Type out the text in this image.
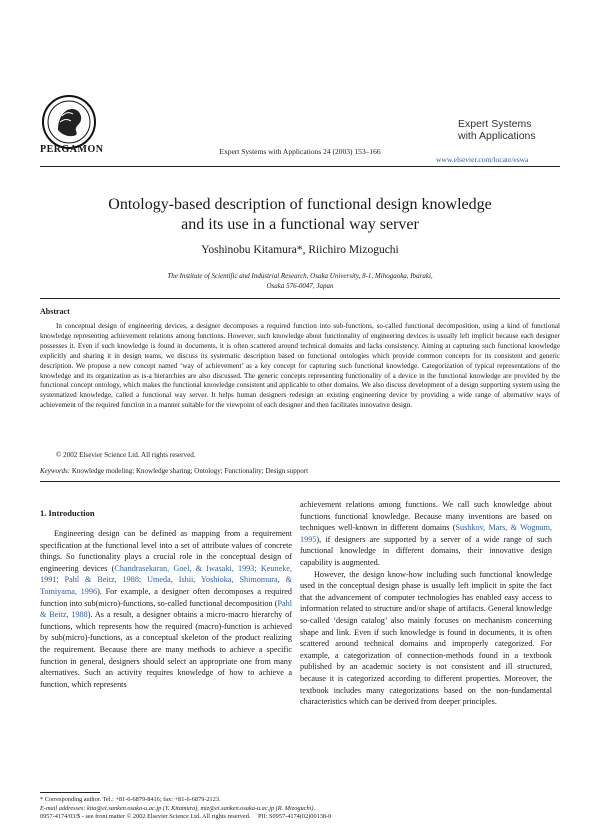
PERGAMON	Expert Systems with Applications 24 (2003) 153–166
Expert Systems
with Applications
www.elsevier.com/locate/eswa
Ontology-based description of functional design knowledge
and its use in a functional way server
Yoshinobu Kitamura*, Riichiro Mizoguchi
The Institute of Scientific and Industrial Research, Osaka University, 8-1, Mihogaoka, Ibaraki,
Osaka 576-0047, Japan
Abstract
In conceptual design of engineering devices, a designer decomposes a required function into sub-functions, so-called functional decomposition, using a kind of functional knowledge representing achievement relations among functions. However, such knowledge about functionality of engineering devices is usually left implicit because each designer possesses it. Even if such knowledge is found in documents, it is often scattered around technical domains and lacks consistency. Aiming at capturing such functional knowledge explicitly and sharing it in design teams, we discuss its systematic description based on functional ontologies which provide common concepts for its consistent and generic description. We propose a new concept named ‘way of achievement’ as a key concept for capturing such functional knowledge. Categorization of typical representations of the knowledge and its organization as is-a hierarchies are also discussed. The generic concepts representing functionality of a device in the functional knowledge are provided by the functional concept ontology, which makes the functional knowledge consistent and applicable to other domains. We also discuss development of a design supporting system using the systematized knowledge, called a functional way server. It helps human designers redesign an existing engineering device by providing a wide range of alternative ways of achievement of the required function in a manner suitable for the viewpoint of each designer and then facilitates innovative design.
© 2002 Elsevier Science Ltd. All rights reserved.
Keywords: Knowledge modeling; Knowledge sharing; Ontology; Functionality; Design support
1. Introduction
Engineering design can be defined as mapping from a requirement specification at the functional level into a set of attribute values of concrete things. So functionality plays a crucial role in the conceptual design of engineering devices (Chandrasekaran, Goel, & Iwasaki, 1993; Keuneke, 1991; Pahl & Beitz, 1988; Umeda, Ishii, Yoshioka, Shimomura, & Tomiyama, 1996). For example, a designer often decomposes a required function into sub(micro)-functions, so-called functional decomposition (Pahl & Beitz, 1988). As a result, a designer obtains a micro-macro hierarchy of functions, which represents how the required (macro)-function is achieved by sub(micro)-functions, as a conceptual skeleton of the product realizing the requirement. Because there are many methods to achieve a specific function in general, designers should select an appropriate one from many alternatives. Such an activity requires knowledge of how to achieve a function, which represents

achievement relations among functions. We call such knowledge about functions functional knowledge. Because many inventions are based on techniques well-known in different domains (Sushkov, Mars, & Wognum, 1995), if designers are supported by a server of a wide range of such functional knowledge in different domains, their innovative design capability is augmented.

However, the design know-how including such functional knowledge used in the conceptual design phase is usually left implicit in spite the fact that the advancement of computer technologies has enabled easy access to information related to structure and/or shape of artifacts. General knowledge so-called ‘design catalog’ also mainly focuses on mechanism concerning shape and link. Even if such knowledge is found in documents, it is often scattered around technical domains and improperly categorized. For example, a categorization of connection-methods found in a textbook published by an academic society is not consistent and ill structured, because it is categorized according to different properties. Moreover, the textbook includes many categorizations based on the non-fundamental characteristics which can be derived from deeper principles.

* Corresponding author. Tel.: +81-6-6879-8416; fax: +81-6-6879-2123.
E-mail addresses: kita@ei.sanken.osaka-u.ac.jp (Y. Kitamura), miz@ei.sanken.osaka-u.ac.jp (R. Mizoguchi).
0957-4174/03/$ - see front matter © 2002 Elsevier Science Ltd. All rights reserved. PII: S0957-4174(02)00138-0
